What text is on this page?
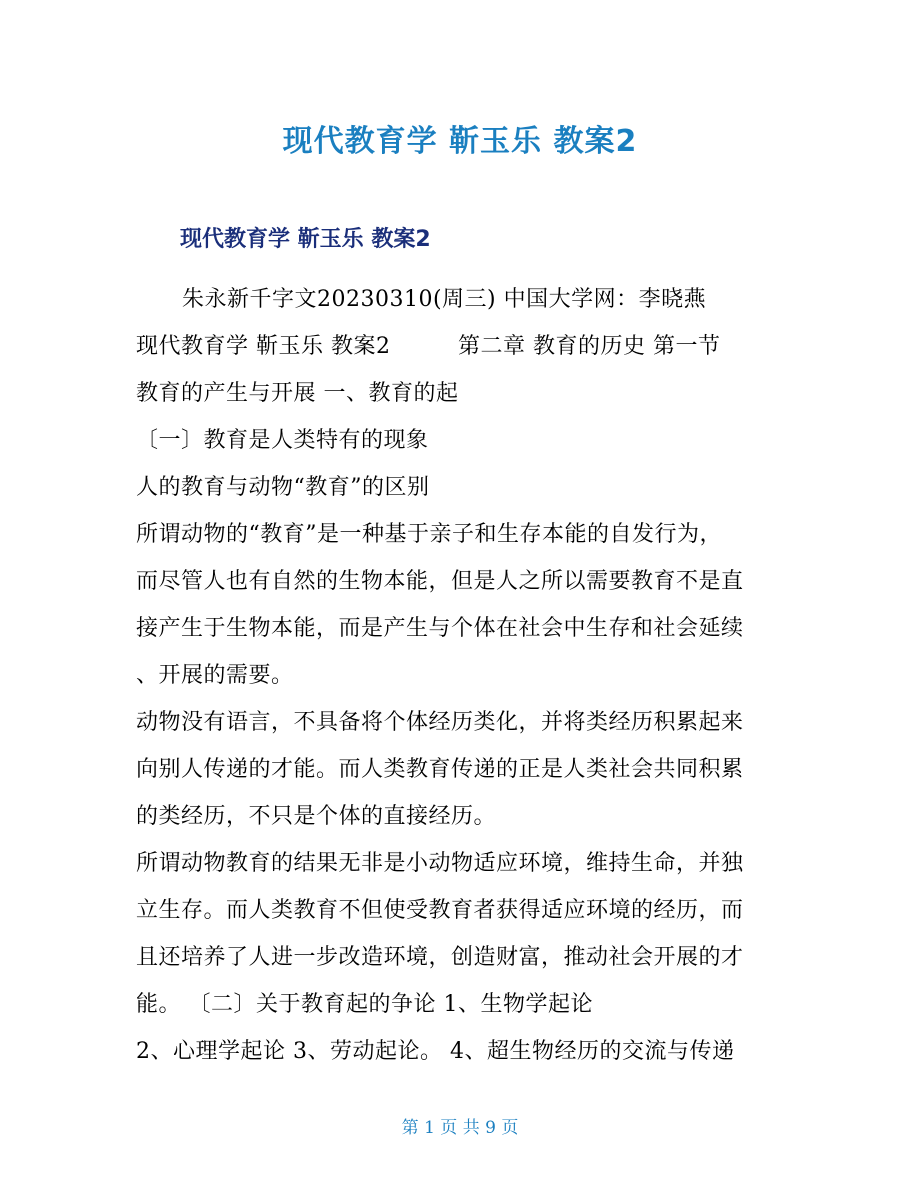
现代教育学 靳玉乐 教案2
现代教育学 靳玉乐 教案2

朱永新千字文20230310(周三) 中国大学网：李晓燕

现代教育学 靳玉乐 教案2　　　第二章 教育的历史 第一节

教育的产生与开展 一、教育的起

〔一〕教育是人类特有的现象

人的教育与动物“教育”的区别

所谓动物的“教育”是一种基于亲子和生存本能的自发行为，

而尽管人也有自然的生物本能，但是人之所以需要教育不是直

接产生于生物本能，而是产生与个体在社会中生存和社会延续

、开展的需要。

动物没有语言，不具备将个体经历类化，并将类经历积累起来

向别人传递的才能。而人类教育传递的正是人类社会共同积累

的类经历，不只是个体的直接经历。

所谓动物教育的结果无非是小动物适应环境，维持生命，并独

立生存。而人类教育不但使受教育者获得适应环境的经历，而

且还培养了人进一步改造环境，创造财富，推动社会开展的才

能。 〔二〕关于教育起的争论 1、生物学起论

2、心理学起论 3、劳动起论。 4、超生物经历的交流与传递

第 1 页 共 9 页
